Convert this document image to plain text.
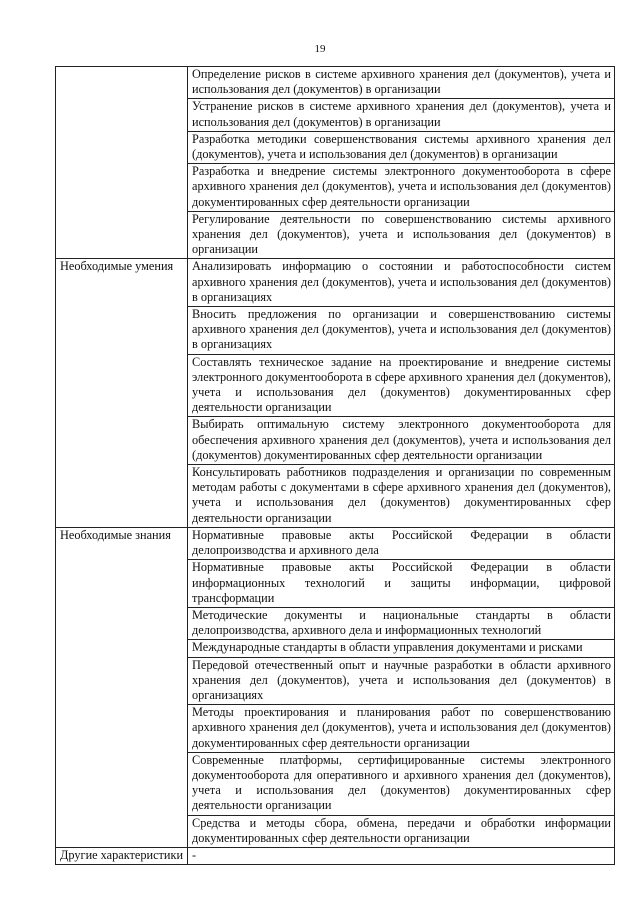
19
	Определение рисков в системе архивного хранения дел (документов), учета и использования дел (документов) в организации
	Устранение рисков в системе архивного хранения дел (документов), учета и использования дел (документов) в организации
	Разработка методики совершенствования системы архивного хранения дел (документов), учета и использования дел (документов) в организации
	Разработка и внедрение системы электронного документооборота в сфере архивного хранения дел (документов), учета и использования дел (документов) документированных сфер деятельности организации
	Регулирование деятельности по совершенствованию системы архивного хранения дел (документов), учета и использования дел (документов) в организации
Необходимые умения	Анализировать информацию о состоянии и работоспособности систем архивного хранения дел (документов), учета и использования дел (документов) в организациях
	Вносить предложения по организации и совершенствованию системы архивного хранения дел (документов), учета и использования дел (документов) в организациях
	Составлять техническое задание на проектирование и внедрение системы электронного документооборота в сфере архивного хранения дел (документов), учета и использования дел (документов) документированных сфер деятельности организации
	Выбирать оптимальную систему электронного документооборота для обеспечения архивного хранения дел (документов), учета и использования дел (документов) документированных сфер деятельности организации
	Консультировать работников подразделения и организации по современным методам работы с документами в сфере архивного хранения дел (документов), учета и использования дел (документов) документированных сфер деятельности организации
Необходимые знания	Нормативные правовые акты Российской Федерации в области делопроизводства и архивного дела
	Нормативные правовые акты Российской Федерации в области информационных технологий и защиты информации, цифровой трансформации
	Методические документы и национальные стандарты в области делопроизводства, архивного дела и информационных технологий
	Международные стандарты в области управления документами и рисками
	Передовой отечественный опыт и научные разработки в области архивного хранения дел (документов), учета и использования дел (документов) в организациях
	Методы проектирования и планирования работ по совершенствованию архивного хранения дел (документов), учета и использования дел (документов) документированных сфер деятельности организации
	Современные платформы, сертифицированные системы электронного документооборота для оперативного и архивного хранения дел (документов), учета и использования дел (документов) документированных сфер деятельности организации
	Средства и методы сбора, обмена, передачи и обработки информации документированных сфер деятельности организации
Другие характеристики	-
